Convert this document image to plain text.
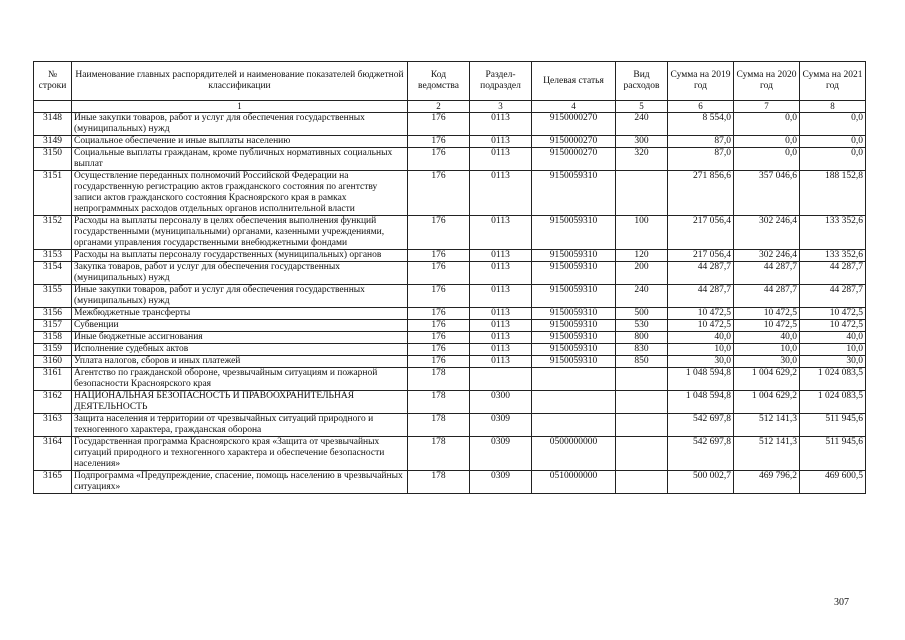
№ строки	Наименование главных распорядителей и наименование показателей бюджетной классификации	Код ведомства	Раздел-подраздел	Целевая статья	Вид расходов	Сумма на 2019 год	Сумма на 2020 год	Сумма на 2021 год
	1	2	3	4	5	6	7	8
3148	Иные закупки товаров, работ и услуг для обеспечения государственных (муниципальных) нужд	176	0113	9150000270	240	8 554,0	0,0	0,0
3149	Социальное обеспечение и иные выплаты населению	176	0113	9150000270	300	87,0	0,0	0,0
3150	Социальные выплаты гражданам, кроме публичных нормативных социальных выплат	176	0113	9150000270	320	87,0	0,0	0,0
3151	Осуществление переданных полномочий Российской Федерации на государственную регистрацию актов гражданского состояния по агентству записи актов гражданского состояния Красноярского края в рамках непрограммных расходов отдельных органов исполнительной власти	176	0113	9150059310		271 856,6	357 046,6	188 152,8
3152	Расходы на выплаты персоналу в целях обеспечения выполнения функций государственными (муниципальными) органами, казенными учреждениями, органами управления государственными внебюджетными фондами	176	0113	9150059310	100	217 056,4	302 246,4	133 352,6
3153	Расходы на выплаты персоналу государственных (муниципальных) органов	176	0113	9150059310	120	217 056,4	302 246,4	133 352,6
3154	Закупка товаров, работ и услуг для обеспечения государственных (муниципальных) нужд	176	0113	9150059310	200	44 287,7	44 287,7	44 287,7
3155	Иные закупки товаров, работ и услуг для обеспечения государственных (муниципальных) нужд	176	0113	9150059310	240	44 287,7	44 287,7	44 287,7
3156	Межбюджетные трансферты	176	0113	9150059310	500	10 472,5	10 472,5	10 472,5
3157	Субвенции	176	0113	9150059310	530	10 472,5	10 472,5	10 472,5
3158	Иные бюджетные ассигнования	176	0113	9150059310	800	40,0	40,0	40,0
3159	Исполнение судебных актов	176	0113	9150059310	830	10,0	10,0	10,0
3160	Уплата налогов, сборов и иных платежей	176	0113	9150059310	850	30,0	30,0	30,0
3161	Агентство по гражданской обороне, чрезвычайным ситуациям и пожарной безопасности Красноярского края	178				1 048 594,8	1 004 629,2	1 024 083,5
3162	НАЦИОНАЛЬНАЯ БЕЗОПАСНОСТЬ И ПРАВООХРАНИТЕЛЬНАЯ ДЕЯТЕЛЬНОСТЬ	178	0300			1 048 594,8	1 004 629,2	1 024 083,5
3163	Защита населения и территории от чрезвычайных ситуаций природного и техногенного характера, гражданская оборона	178	0309			542 697,8	512 141,3	511 945,6
3164	Государственная программа Красноярского края «Защита от чрезвычайных ситуаций природного и техногенного характера и обеспечение безопасности населения»	178	0309	0500000000		542 697,8	512 141,3	511 945,6
3165	Подпрограмма «Предупреждение, спасение, помощь населению в чрезвычайных ситуациях»	178	0309	0510000000		500 002,7	469 796,2	469 600,5
307
